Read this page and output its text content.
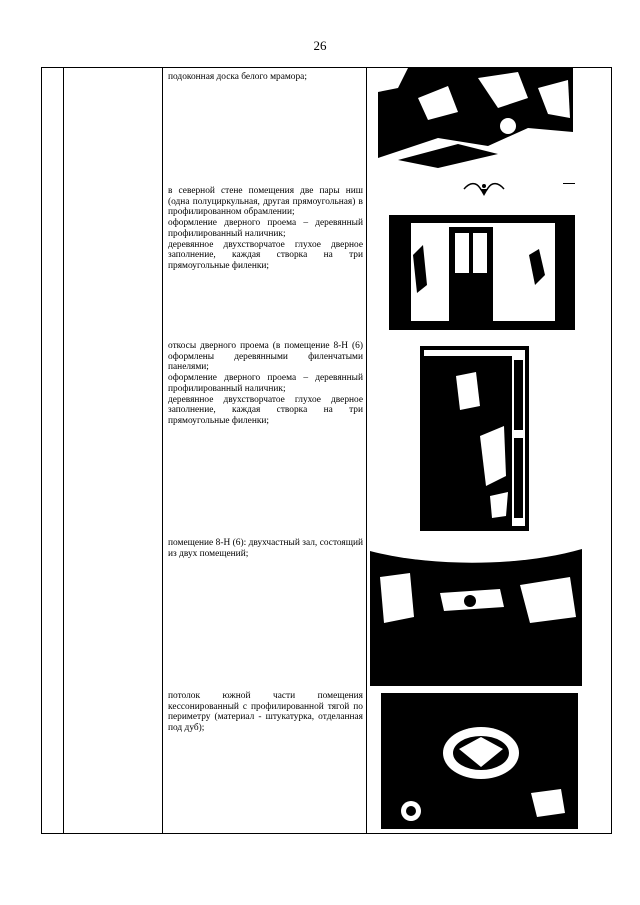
26

подоконная доска белого мрамора;

в северной стене помещения две пары ниш (одна полуциркульная, другая прямоугольная) в профилированном обрамлении;

оформление дверного проема – деревянный профилированный наличник;

деревянное двухстворчатое глухое дверное заполнение, каждая створка на три прямоугольные филенки;

откосы дверного проема (в помещение 8-Н (6) оформлены деревянными филенчатыми панелями;

оформление дверного проема – деревянный профилированный наличник;

деревянное двухстворчатое глухое дверное заполнение, каждая створка на три прямоугольные филенки;

помещение 8-Н (6): двухчастный зал, состоящий из двух помещений;

потолок южной части помещения кессонированный с профилированной тягой по периметру (материал - штукатурка, отделанная под дуб);
